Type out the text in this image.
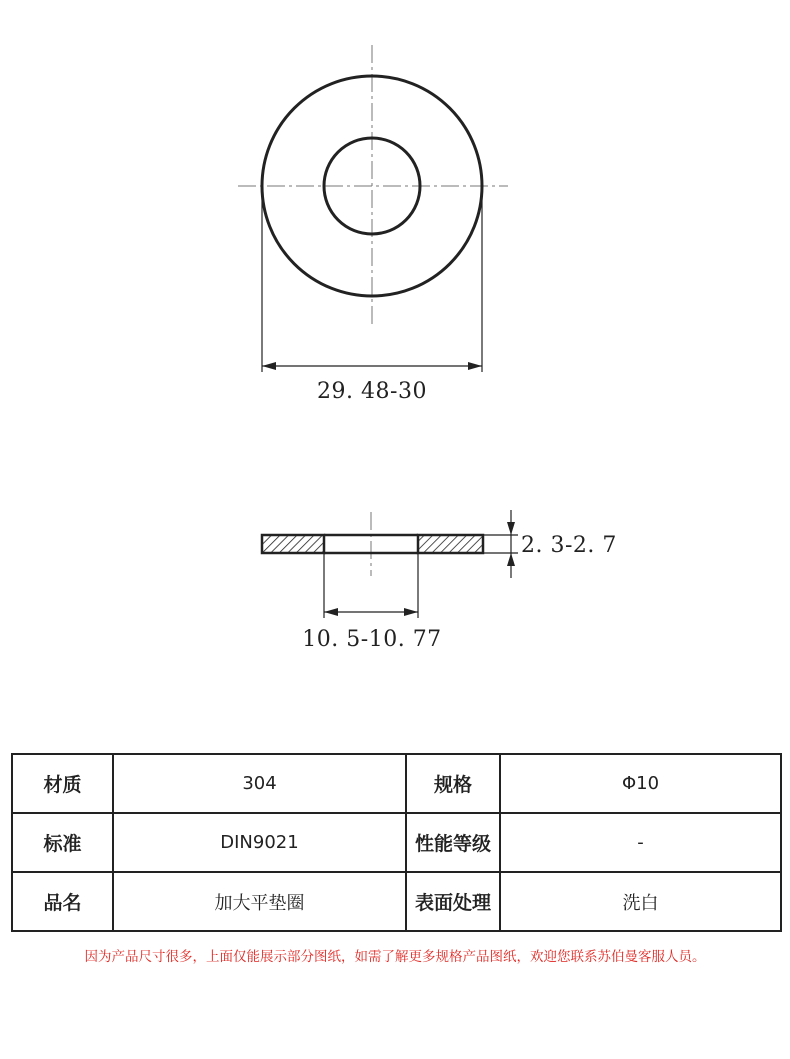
29. 48-30
2. 3-2. 7
10. 5-10. 77
材质	304	规格	Φ10
标准	DIN9021	性能等级	-
品名	加大平垫圈	表面处理	洗白
因为产品尺寸很多，上面仅能展示部分图纸，如需了解更多规格产品图纸，欢迎您联系苏伯曼客服人员。
